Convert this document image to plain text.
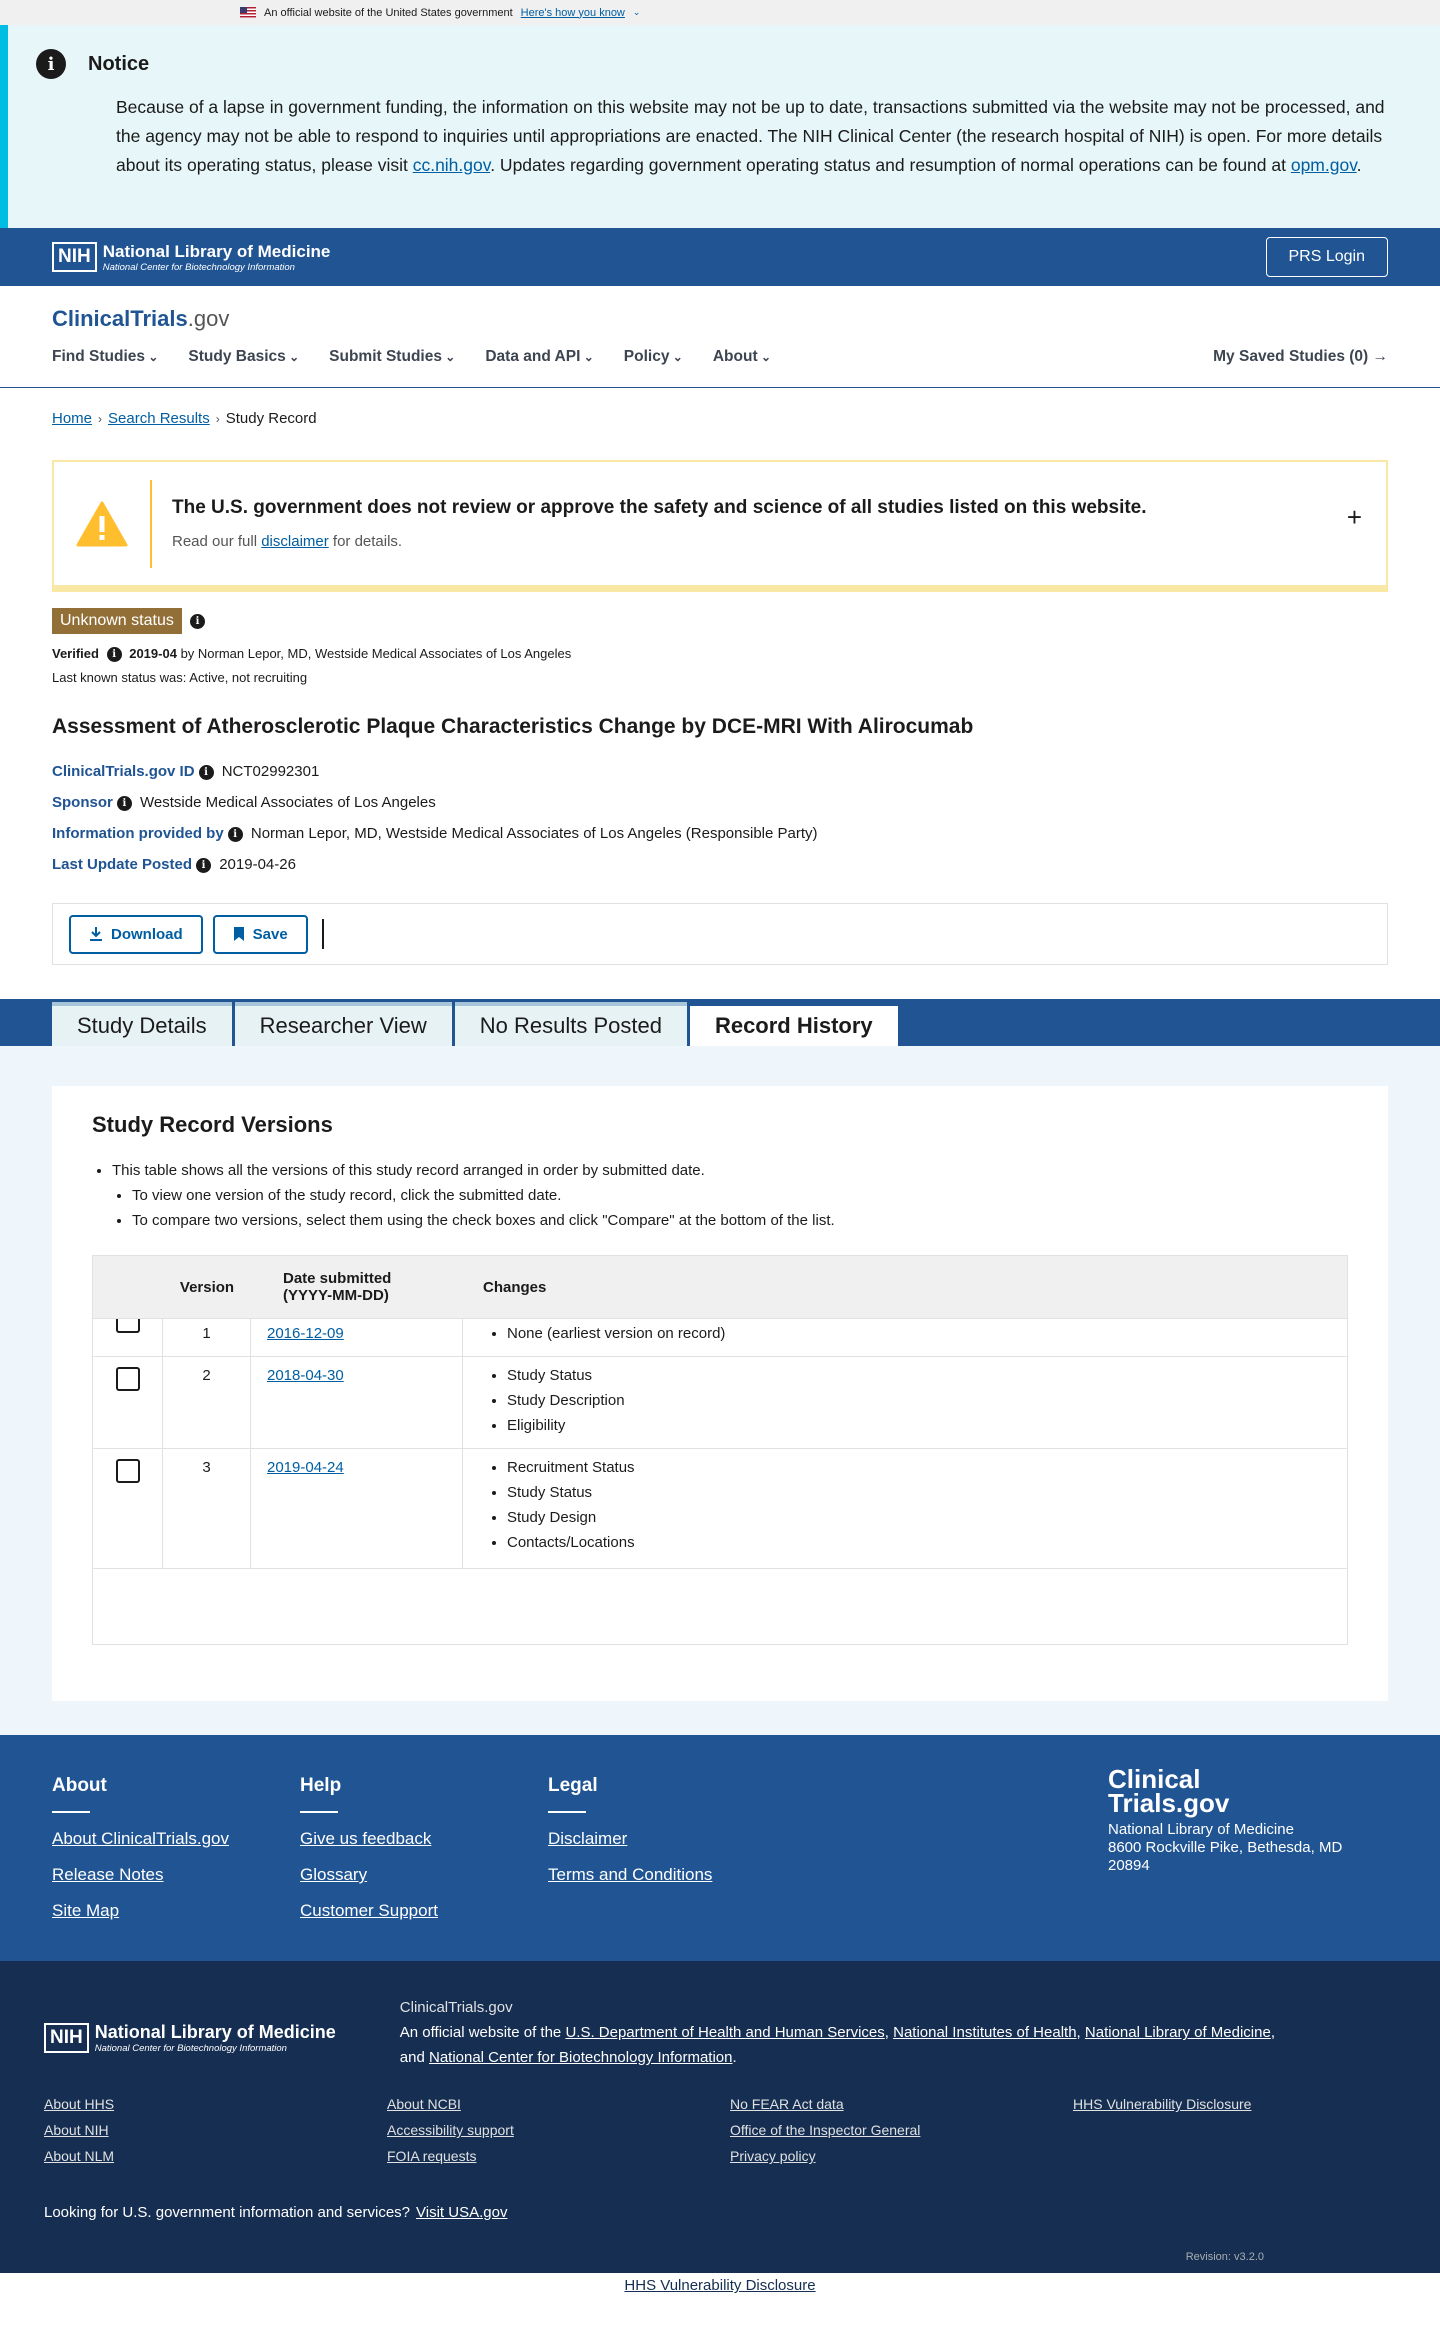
An official website of the United States government Here's how you know ⌄
i	Notice
Because of a lapse in government funding, the information on this website may not be up to date, transactions submitted via the website may not be processed, and the agency may not be able to respond to inquiries until appropriations are enacted. The NIH Clinical Center (the research hospital of NIH) is open. For more details about its operating status, please visit cc.nih.gov. Updates regarding government operating status and resumption of normal operations can be found at opm.gov.
NIH National Library of Medicine
National Center for Biotechnology Information
PRS Login
ClinicalTrials.gov
Find Studies ⌄	Study Basics ⌄	Submit Studies ⌄	Data and API ⌄	Policy ⌄	About ⌄	My Saved Studies (0) →
Home › Search Results › Study Record
The U.S. government does not review or approve the safety and science of all studies listed on this website.
Read our full disclaimer for details.
+
Unknown status i
Verified i 2019-04 by Norman Lepor, MD, Westside Medical Associates of Los Angeles
Last known status was: Active, not recruiting
Assessment of Atherosclerotic Plaque Characteristics Change by DCE-MRI With Alirocumab
ClinicalTrials.gov ID i NCT02992301
Sponsor i Westside Medical Associates of Los Angeles
Information provided by i Norman Lepor, MD, Westside Medical Associates of Los Angeles (Responsible Party)
Last Update Posted i 2019-04-26
Download	Save
Study Details	Researcher View	No Results Posted	Record History
Study Record Versions
• This table shows all the versions of this study record arranged in order by submitted date.
• To view one version of the study record, click the submitted date.
• To compare two versions, select them using the check boxes and click "Compare" at the bottom of the list.
Version	Date submitted
(YYYY-MM-DD)	Changes
1	2016-12-09	• None (earliest version on record)
2	2018-04-30	• Study Status
• Study Description
• Eligibility
3	2019-04-24	• Recruitment Status
• Study Status
• Study Design
• Contacts/Locations
About
About ClinicalTrials.gov
Release Notes
Site Map
Help
Give us feedback
Glossary
Customer Support
Legal
Disclaimer
Terms and Conditions
Clinical
Trials.gov
National Library of Medicine
8600 Rockville Pike, Bethesda, MD
20894
NIH National Library of Medicine
National Center for Biotechnology Information
ClinicalTrials.gov
An official website of the U.S. Department of Health and Human Services, National Institutes of Health, National Library of Medicine,
and National Center for Biotechnology Information.
About HHS	About NCBI	No FEAR Act data	HHS Vulnerability Disclosure
About NIH	Accessibility support	Office of the Inspector General
About NLM	FOIA requests	Privacy policy
Looking for U.S. government information and services? Visit USA.gov
Revision: v3.2.0
HHS Vulnerability Disclosure
